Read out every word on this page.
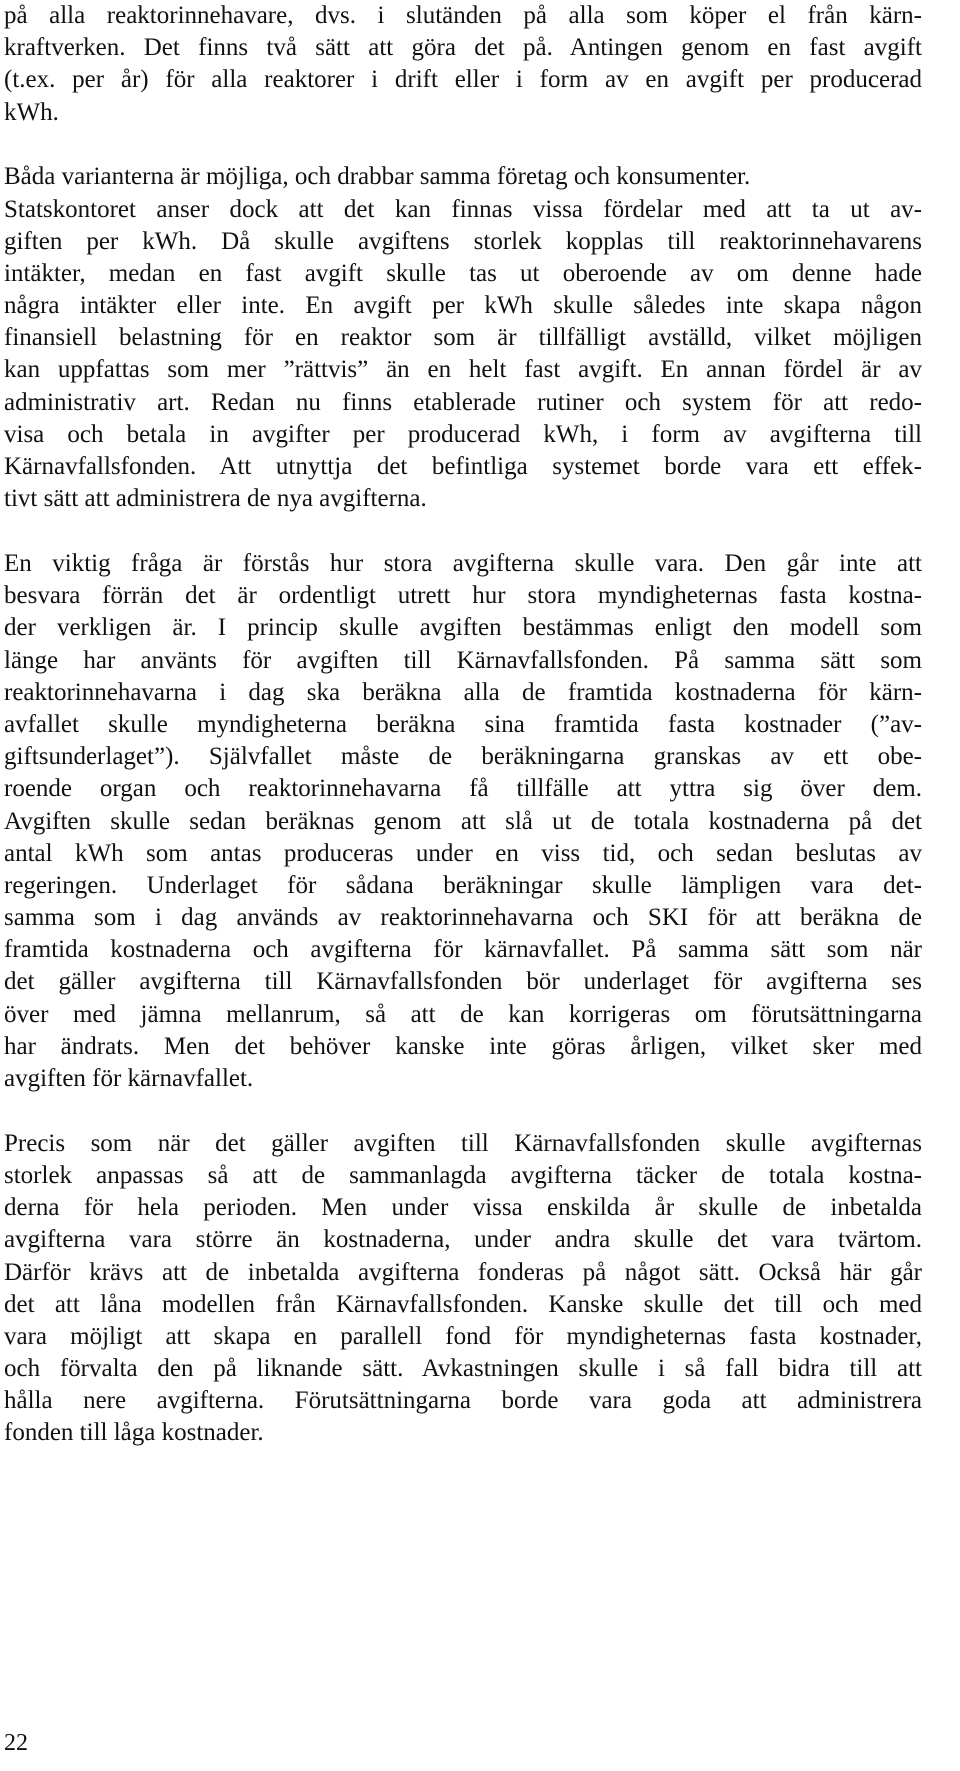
på alla reaktorinnehavare, dvs. i slutänden på alla som köper el från kärn-
kraftverken. Det finns två sätt att göra det på. Antingen genom en fast avgift
(t.ex. per år) för alla reaktorer i drift eller i form av en avgift per producerad
kWh.
Båda varianterna är möjliga, och drabbar samma företag och konsumenter.
Statskontoret anser dock att det kan finnas vissa fördelar med att ta ut av-
giften per kWh. Då skulle avgiftens storlek kopplas till reaktorinnehavarens
intäkter, medan en fast avgift skulle tas ut oberoende av om denne hade
några intäkter eller inte. En avgift per kWh skulle således inte skapa någon
finansiell belastning för en reaktor som är tillfälligt avställd, vilket möjligen
kan uppfattas som mer ”rättvis” än en helt fast avgift. En annan fördel är av
administrativ art. Redan nu finns etablerade rutiner och system för att redo-
visa och betala in avgifter per producerad kWh, i form av avgifterna till
Kärnavfallsfonden. Att utnyttja det befintliga systemet borde vara ett effek-
tivt sätt att administrera de nya avgifterna.
En viktig fråga är förstås hur stora avgifterna skulle vara. Den går inte att
besvara förrän det är ordentligt utrett hur stora myndigheternas fasta kostna-
der verkligen är. I princip skulle avgiften bestämmas enligt den modell som
länge har använts för avgiften till Kärnavfallsfonden. På samma sätt som
reaktorinnehavarna i dag ska beräkna alla de framtida kostnaderna för kärn-
avfallet skulle myndigheterna beräkna sina framtida fasta kostnader (”av-
giftsunderlaget”). Självfallet måste de beräkningarna granskas av ett obe-
roende organ och reaktorinnehavarna få tillfälle att yttra sig över dem.
Avgiften skulle sedan beräknas genom att slå ut de totala kostnaderna på det
antal kWh som antas produceras under en viss tid, och sedan beslutas av
regeringen. Underlaget för sådana beräkningar skulle lämpligen vara det-
samma som i dag används av reaktorinnehavarna och SKI för att beräkna de
framtida kostnaderna och avgifterna för kärnavfallet. På samma sätt som när
det gäller avgifterna till Kärnavfallsfonden bör underlaget för avgifterna ses
över med jämna mellanrum, så att de kan korrigeras om förutsättningarna
har ändrats. Men det behöver kanske inte göras årligen, vilket sker med
avgiften för kärnavfallet.
Precis som när det gäller avgiften till Kärnavfallsfonden skulle avgifternas
storlek anpassas så att de sammanlagda avgifterna täcker de totala kostna-
derna för hela perioden. Men under vissa enskilda år skulle de inbetalda
avgifterna vara större än kostnaderna, under andra skulle det vara tvärtom.
Därför krävs att de inbetalda avgifterna fonderas på något sätt. Också här går
det att låna modellen från Kärnavfallsfonden. Kanske skulle det till och med
vara möjligt att skapa en parallell fond för myndigheternas fasta kostnader,
och förvalta den på liknande sätt. Avkastningen skulle i så fall bidra till att
hålla nere avgifterna. Förutsättningarna borde vara goda att administrera
fonden till låga kostnader.
22
